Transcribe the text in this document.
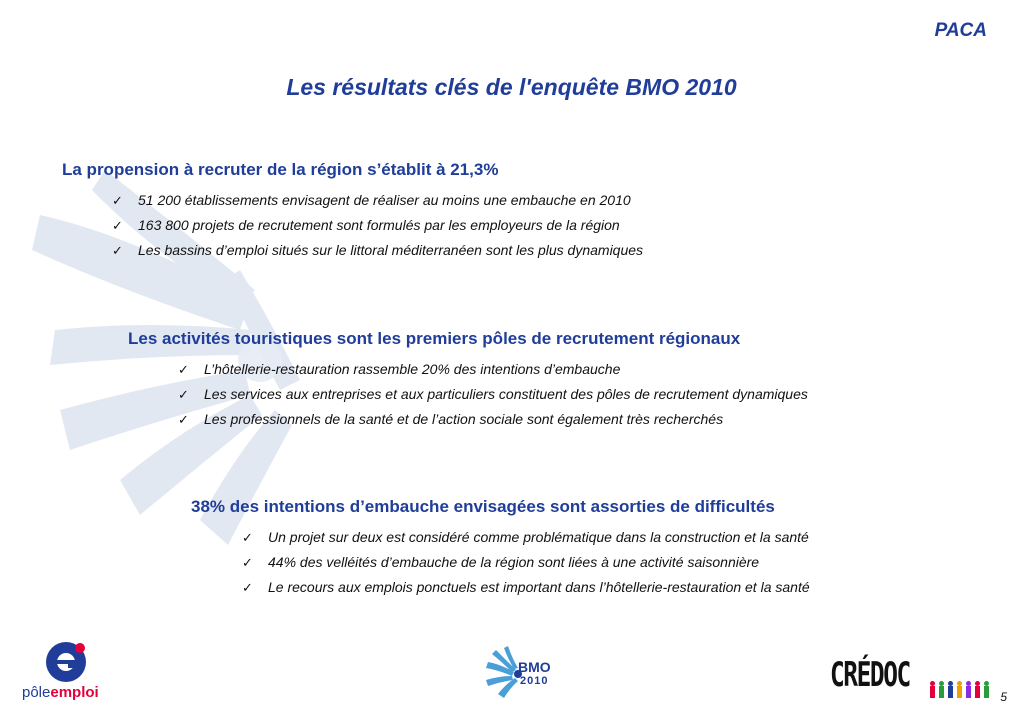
PACA
Les résultats clés de l'enquête BMO 2010
La propension à recruter de la région s’établit à 21,3%
✓ 51 200 établissements envisagent de réaliser au moins une embauche en 2010
✓ 163 800 projets de recrutement sont formulés par les employeurs de la région
✓ Les bassins d’emploi situés sur le littoral méditerranéen sont les plus dynamiques
Les activités touristiques sont les premiers pôles de recrutement régionaux
✓ L’hôtellerie-restauration rassemble 20% des intentions d’embauche
✓ Les services aux entreprises et aux particuliers constituent des pôles de recrutement dynamiques
✓ Les professionnels de la santé et de l’action sociale sont également très recherchés
38% des intentions d’embauche envisagées sont assorties de difficultés
✓ Un projet sur deux est considéré comme problématique dans la construction et la santé
✓ 44% des velléités d’embauche de la région sont liées à une activité saisonnière
✓ Le recours aux emplois ponctuels est important dans l’hôtellerie-restauration et la santé
pôleemploi
BMO
2010	CRÉDOC
5
